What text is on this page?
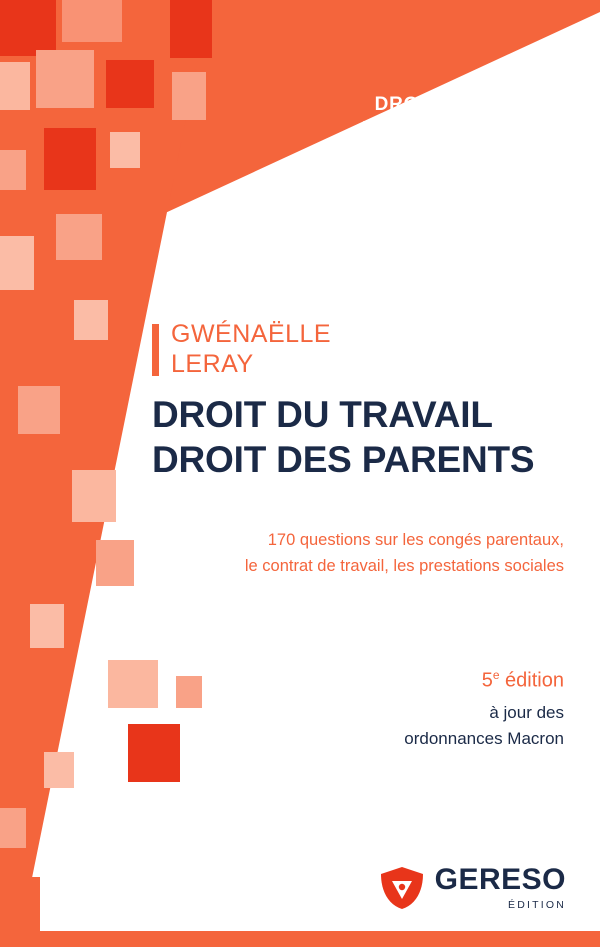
DROIT DU TRAVAIL
DROIT DE LA FAMILLE
GWÉNAËLLE
LERAY
DROIT DU TRAVAIL
DROIT DES PARENTS
170 questions sur les congés parentaux,
le contrat de travail, les prestations sociales
5e édition
à jour des
ordonnances Macron
L'ESSENTIEL
POUR AGIR
GERESO
ÉDITION
